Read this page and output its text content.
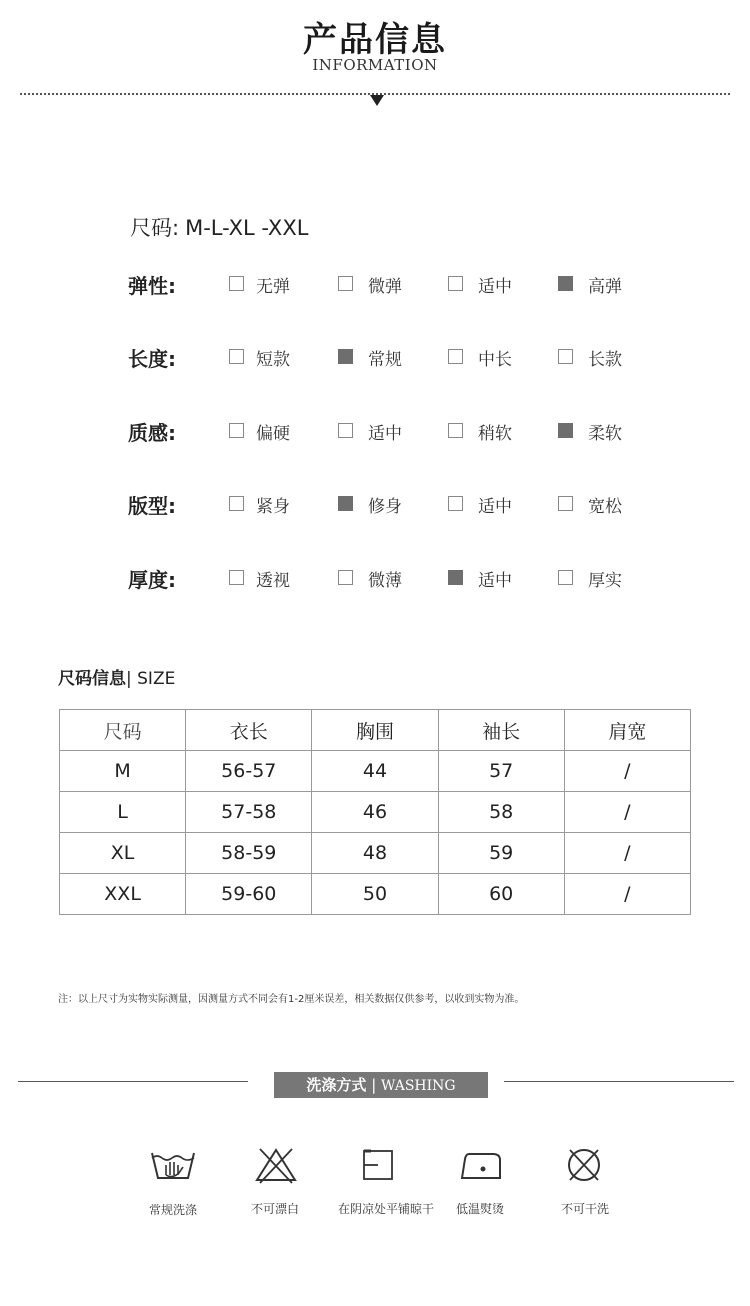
产品信息
INFORMATION
尺码: M-L-XL -XXL
弹性:	无弹	微弹	适中	高弹
长度:	短款	常规	中长	长款
质感:	偏硬	适中	稍软	柔软
版型:	紧身	修身	适中	宽松
厚度:	透视	微薄	适中	厚实
尺码信息| SIZE
尺码	衣长	胸围	袖长	肩宽
M	56-57	44	57	/
L	57-58	46	58	/
XL	58-59	48	59	/
XXL	59-60	50	60	/
注：以上尺寸为实物实际测量，因测量方式不同会有1-2厘米误差，相关数据仅供参考，以收到实物为准。
洗涤方式 | WASHING
常规洗涤	不可漂白	在阴凉处平铺晾干	低温熨烫	不可干洗
